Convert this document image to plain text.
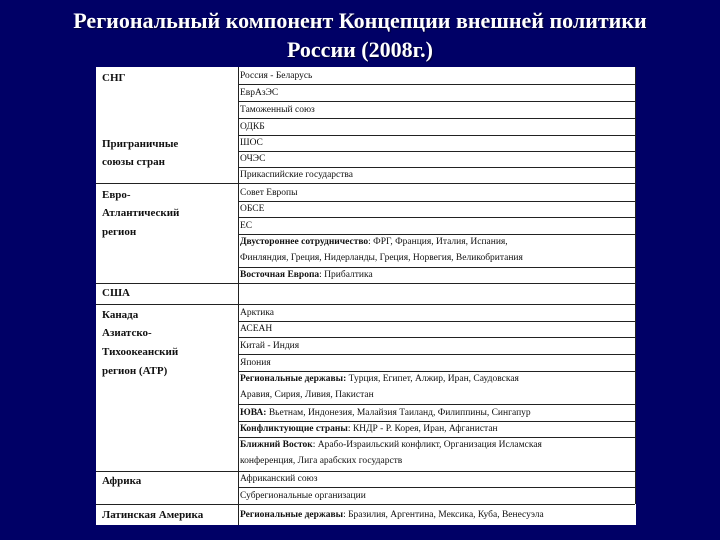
Региональный компонент Концепции внешней политики
России (2008г.)
СНГ
Приграничные
союзы стран
Евро-
Атлантический
регион
США
Канада
Азиатско-
Тихоокеанский
регион (АТР)
Африка
Латинская Америка
Россия - Беларусь
ЕврАзЭС
Таможенный союз
ОДКБ
ШОС
ОЧЭС
Прикаспийские государства
Совет Европы
ОБСЕ
ЕС
Двустороннее сотрудничество: ФРГ, Франция, Италия, Испания,
Финляндия, Греция, Нидерланды, Греция, Норвегия, Великобритания
Восточная Европа: Прибалтика
Арктика
АСЕАН
Китай - Индия
Япония
Региональные державы: Турция, Египет, Алжир, Иран, Саудовская
Аравия, Сирия, Ливия, Пакистан
ЮВА: Вьетнам, Индонезия, Малайзия Таиланд, Филиппины, Сингапур
Конфликтующие страны: КНДР - Р. Корея, Иран, Афганистан
Ближний Восток: Арабо-Израильский конфликт, Организация Исламская
конференция, Лига арабских государств
Африканский союз
Субрегиональные организации
Региональные державы: Бразилия, Аргентина, Мексика, Куба, Венесуэла
